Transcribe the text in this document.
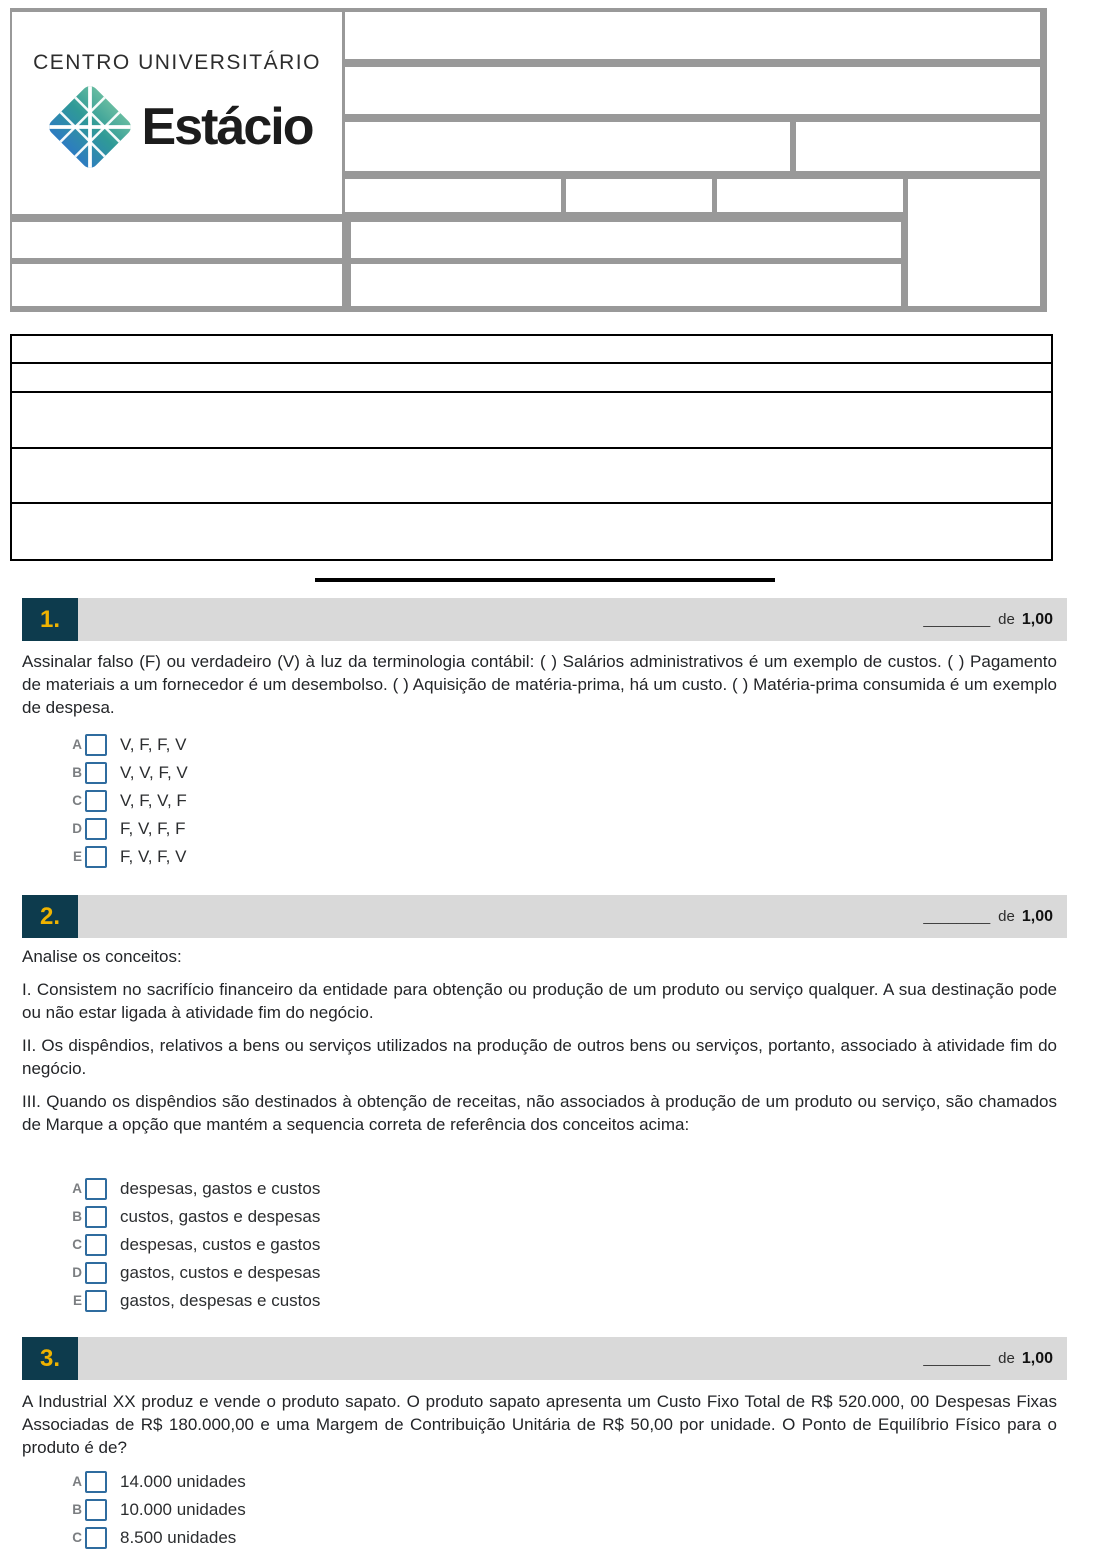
CENTRO UNIVERSITÁRIO
Estácio
1.	________ de 1,00

Assinalar falso (F) ou verdadeiro (V) à luz da terminologia contábil: ( ) Salários administrativos é um exemplo de custos. ( ) Pagamento de materiais a um fornecedor é um desembolso. ( ) Aquisição de matéria-prima, há um custo. ( ) Matéria-prima consumida é um exemplo de despesa.

A V, F, F, V
B V, V, F, V
C V, F, V, F
D F, V, F, F
E F, V, F, V
2.	________ de 1,00

Analise os conceitos:

I. Consistem no sacrifício financeiro da entidade para obtenção ou produção de um produto ou serviço qualquer. A sua destinação pode ou não estar ligada à atividade fim do negócio.

II. Os dispêndios, relativos a bens ou serviços utilizados na produção de outros bens ou serviços, portanto, associado à atividade fim do negócio.

III. Quando os dispêndios são destinados à obtenção de receitas, não associados à produção de um produto ou serviço, são chamados de Marque a opção que mantém a sequencia correta de referência dos conceitos acima:

A despesas, gastos e custos
B custos, gastos e despesas
C despesas, custos e gastos
D gastos, custos e despesas
E gastos, despesas e custos
3.	________ de 1,00

A Industrial XX produz e vende o produto sapato. O produto sapato apresenta um Custo Fixo Total de R$ 520.000, 00 Despesas Fixas Associadas de R$ 180.000,00 e uma Margem de Contribuição Unitária de R$ 50,00 por unidade. O Ponto de Equilíbrio Físico para o produto é de?

A 14.000 unidades
B 10.000 unidades
C 8.500 unidades
